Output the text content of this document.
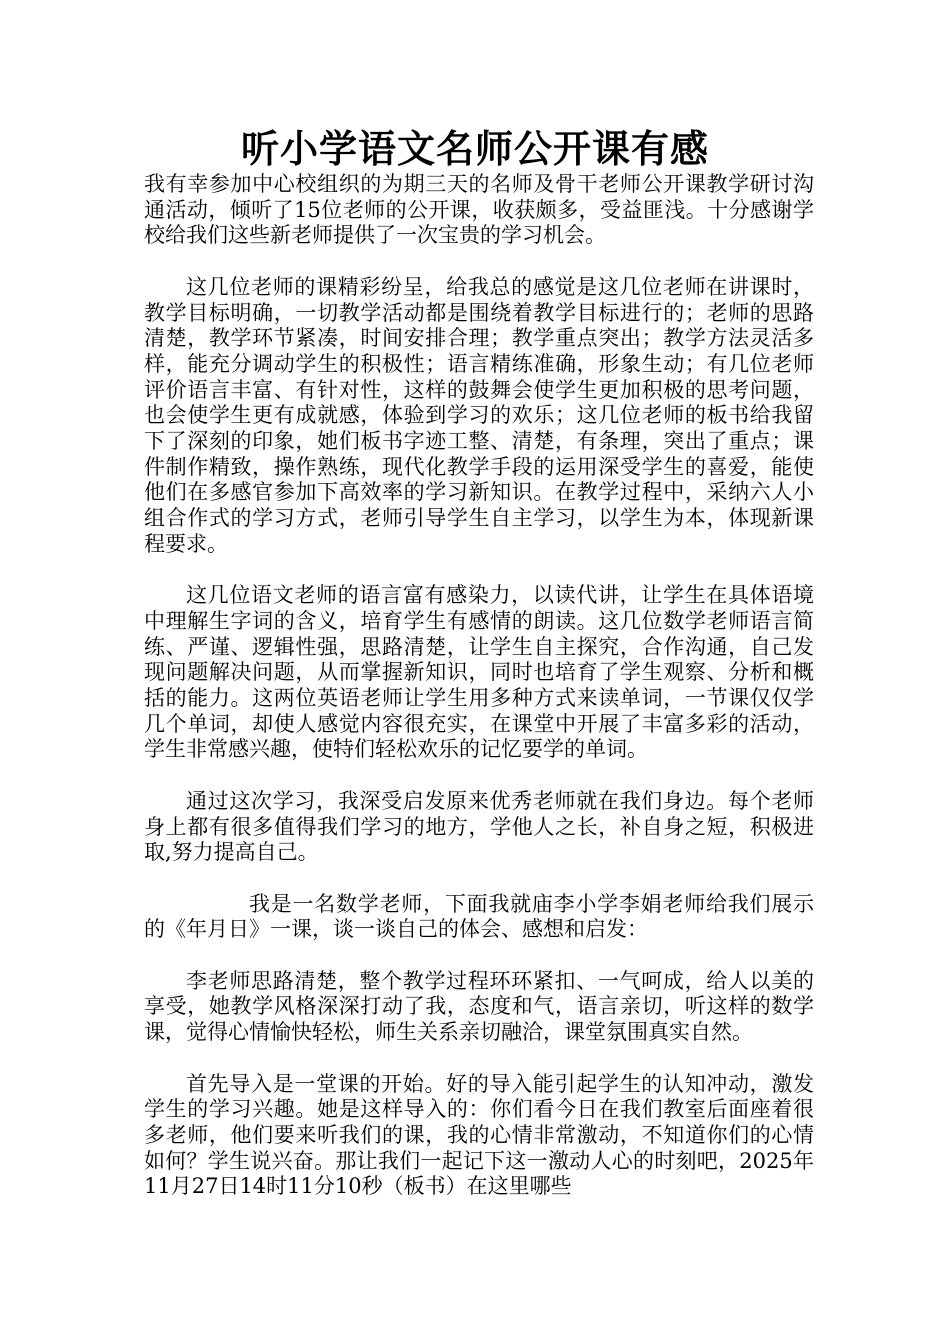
听小学语文名师公开课有感

我有幸参加中心校组织的为期三天的名师及骨干老师公开课教学研讨沟通活动，倾听了15位老师的公开课，收获颇多，受益匪浅。十分感谢学校给我们这些新老师提供了一次宝贵的学习机会。

这几位老师的课精彩纷呈，给我总的感觉是这几位老师在讲课时，教学目标明确，一切教学活动都是围绕着教学目标进行的；老师的思路清楚，教学环节紧凑，时间安排合理；教学重点突出；教学方法灵活多样，能充分调动学生的积极性；语言精练准确，形象生动；有几位老师评价语言丰富、有针对性，这样的鼓舞会使学生更加积极的思考问题，也会使学生更有成就感，体验到学习的欢乐；这几位老师的板书给我留下了深刻的印象，她们板书字迹工整、清楚，有条理，突出了重点；课件制作精致，操作熟练，现代化教学手段的运用深受学生的喜爱，能使他们在多感官参加下高效率的学习新知识。在教学过程中，采纳六人小组合作式的学习方式，老师引导学生自主学习，以学生为本，体现新课程要求。

这几位语文老师的语言富有感染力，以读代讲，让学生在具体语境中理解生字词的含义，培育学生有感情的朗读。这几位数学老师语言简练、严谨、逻辑性强，思路清楚，让学生自主探究，合作沟通，自己发现问题解决问题，从而掌握新知识，同时也培育了学生观察、分析和概括的能力。这两位英语老师让学生用多种方式来读单词，一节课仅仅学几个单词，却使人感觉内容很充实，在课堂中开展了丰富多彩的活动，学生非常感兴趣，使特们轻松欢乐的记忆要学的单词。

通过这次学习，我深受启发原来优秀老师就在我们身边。每个老师身上都有很多值得我们学习的地方，学他人之长，补自身之短，积极进取,努力提高自己。

我是一名数学老师，下面我就庙李小学李娟老师给我们展示的《年月日》一课，谈一谈自己的体会、感想和启发：

李老师思路清楚，整个教学过程环环紧扣、一气呵成，给人以美的享受，她教学风格深深打动了我，态度和气，语言亲切，听这样的数学课，觉得心情愉快轻松，师生关系亲切融洽，课堂氛围真实自然。

首先导入是一堂课的开始。好的导入能引起学生的认知冲动，激发学生的学习兴趣。她是这样导入的：你们看今日在我们教室后面座着很多老师，他们要来听我们的课，我的心情非常激动，不知道你们的心情如何？学生说兴奋。那让我们一起记下这一激动人心的时刻吧，2025年11月27日14时11分10秒（板书）在这里哪些
